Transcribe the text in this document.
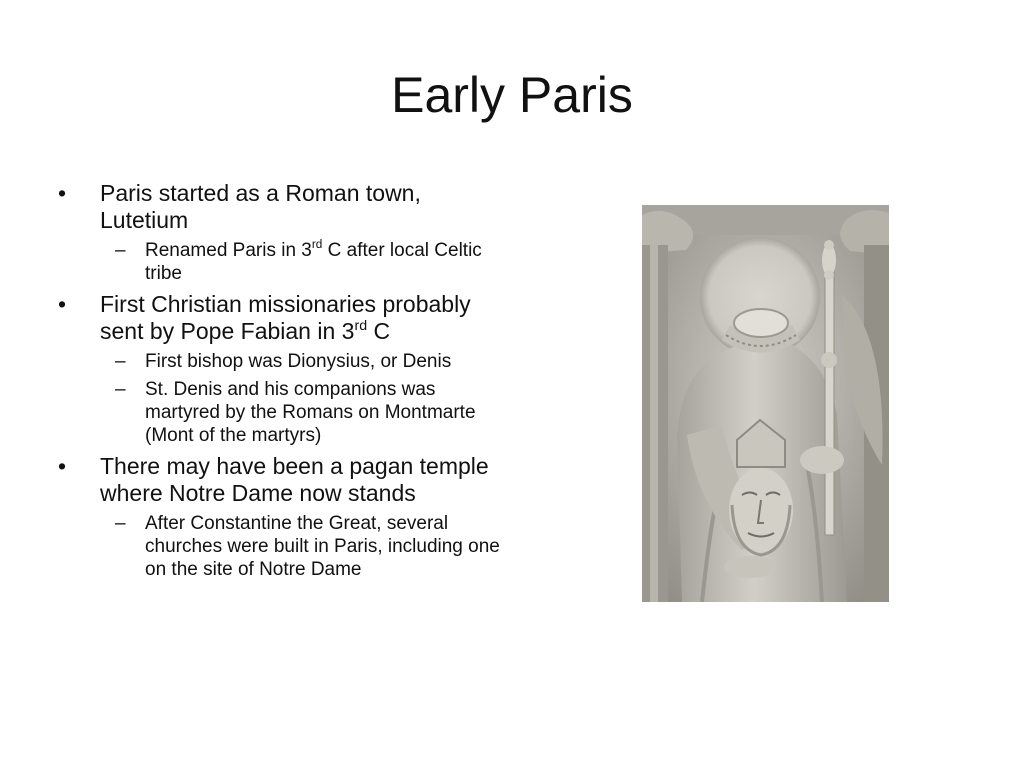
Early Paris
•	Paris started as a Roman town, Lutetium
– Renamed Paris in 3rd C after local Celtic tribe
•	First Christian missionaries probably sent by Pope Fabian in 3rd C
– First bishop was Dionysius, or Denis
– St. Denis and his companions was martyred by the Romans on Montmarte (Mont of the martyrs)
•	There may have been a pagan temple where Notre Dame now stands
– After Constantine the Great, several churches were built in Paris, including one on the site of Notre Dame
